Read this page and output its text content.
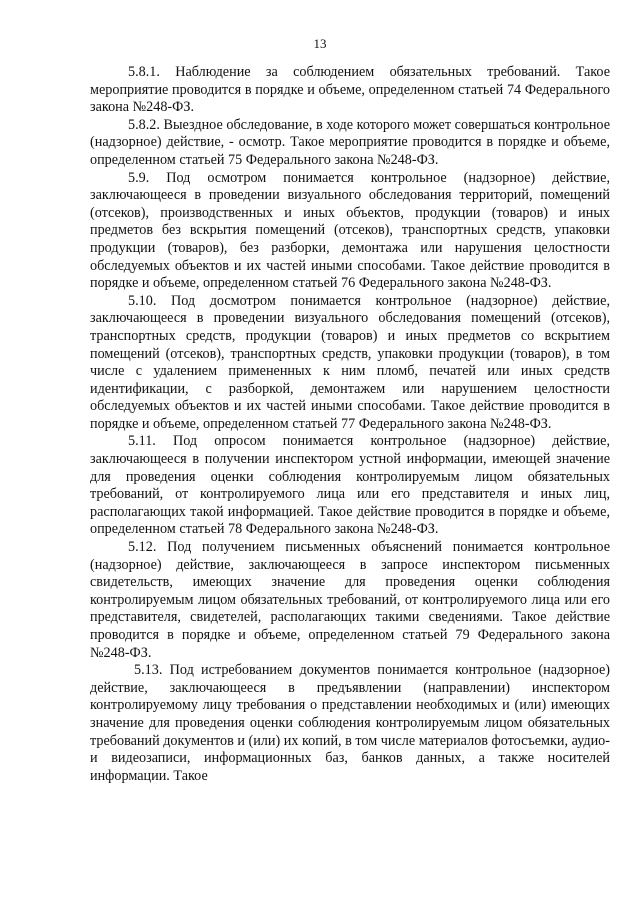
13

5.8.1. Наблюдение за соблюдением обязательных требований. Такое мероприятие проводится в порядке и объеме, определенном статьей 74 Федерального закона №248-ФЗ.

5.8.2. Выездное обследование, в ходе которого может совершаться контрольное (надзорное) действие, - осмотр. Такое мероприятие проводится в порядке и объеме, определенном статьей 75 Федерального закона №248-ФЗ.

5.9. Под осмотром понимается контрольное (надзорное) действие, заключающееся в проведении визуального обследования территорий, помещений (отсеков), производственных и иных объектов, продукции (товаров) и иных предметов без вскрытия помещений (отсеков), транспортных средств, упаковки продукции (товаров), без разборки, демонтажа или нарушения целостности обследуемых объектов и их частей иными способами. Такое действие проводится в порядке и объеме, определенном статьей 76 Федерального закона №248-ФЗ.

5.10. Под досмотром понимается контрольное (надзорное) действие, заключающееся в проведении визуального обследования помещений (отсеков), транспортных средств, продукции (товаров) и иных предметов со вскрытием помещений (отсеков), транспортных средств, упаковки продукции (товаров), в том числе с удалением примененных к ним пломб, печатей или иных средств идентификации, с разборкой, демонтажем или нарушением целостности обследуемых объектов и их частей иными способами. Такое действие проводится в порядке и объеме, определенном статьей 77 Федерального закона №248-ФЗ.

5.11. Под опросом понимается контрольное (надзорное) действие, заключающееся в получении инспектором устной информации, имеющей значение для проведения оценки соблюдения контролируемым лицом обязательных требований, от контролируемого лица или его представителя и иных лиц, располагающих такой информацией. Такое действие проводится в порядке и объеме, определенном статьей 78 Федерального закона №248-ФЗ.

5.12. Под получением письменных объяснений понимается контрольное (надзорное) действие, заключающееся в запросе инспектором письменных свидетельств, имеющих значение для проведения оценки соблюдения контролируемым лицом обязательных требований, от контролируемого лица или его представителя, свидетелей, располагающих такими сведениями. Такое действие проводится в порядке и объеме, определенном статьей 79 Федерального закона №248-ФЗ.

5.13. Под истребованием документов понимается контрольное (надзорное) действие, заключающееся в предъявлении (направлении) инспектором контролируемому лицу требования о представлении необходимых и (или) имеющих значение для проведения оценки соблюдения контролируемым лицом обязательных требований документов и (или) их копий, в том числе материалов фотосъемки, аудио- и видеозаписи, информационных баз, банков данных, а также носителей информации. Такое
